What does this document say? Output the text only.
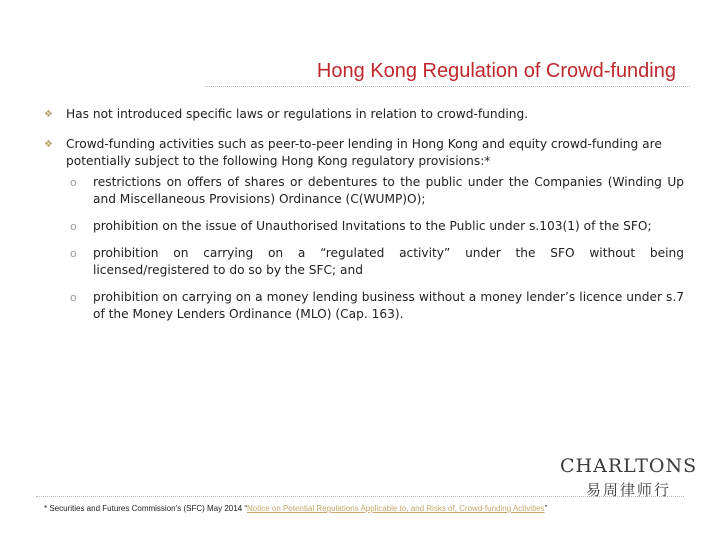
Hong Kong Regulation of Crowd-funding
❖ Has not introduced specific laws or regulations in relation to crowd-funding.
❖ Crowd-funding activities such as peer-to-peer lending in Hong Kong and equity crowd-funding are potentially subject to the following Hong Kong regulatory provisions:*
o restrictions on offers of shares or debentures to the public under the Companies (Winding Up and Miscellaneous Provisions) Ordinance (C(WUMP)O);
o prohibition on the issue of Unauthorised Invitations to the Public under s.103(1) of the SFO;
o prohibition on carrying on a “regulated activity” under the SFO without being licensed/registered to do so by the SFC; and
o prohibition on carrying on a money lending business without a money lender’s licence under s.7 of the Money Lenders Ordinance (MLO) (Cap. 163).
CHARLTONS
易周律师行
* Securities and Futures Commission’s (SFC) May 2014 “Notice on Potential Regulations Applicable to, and Risks of, Crowd-funding Activities”
